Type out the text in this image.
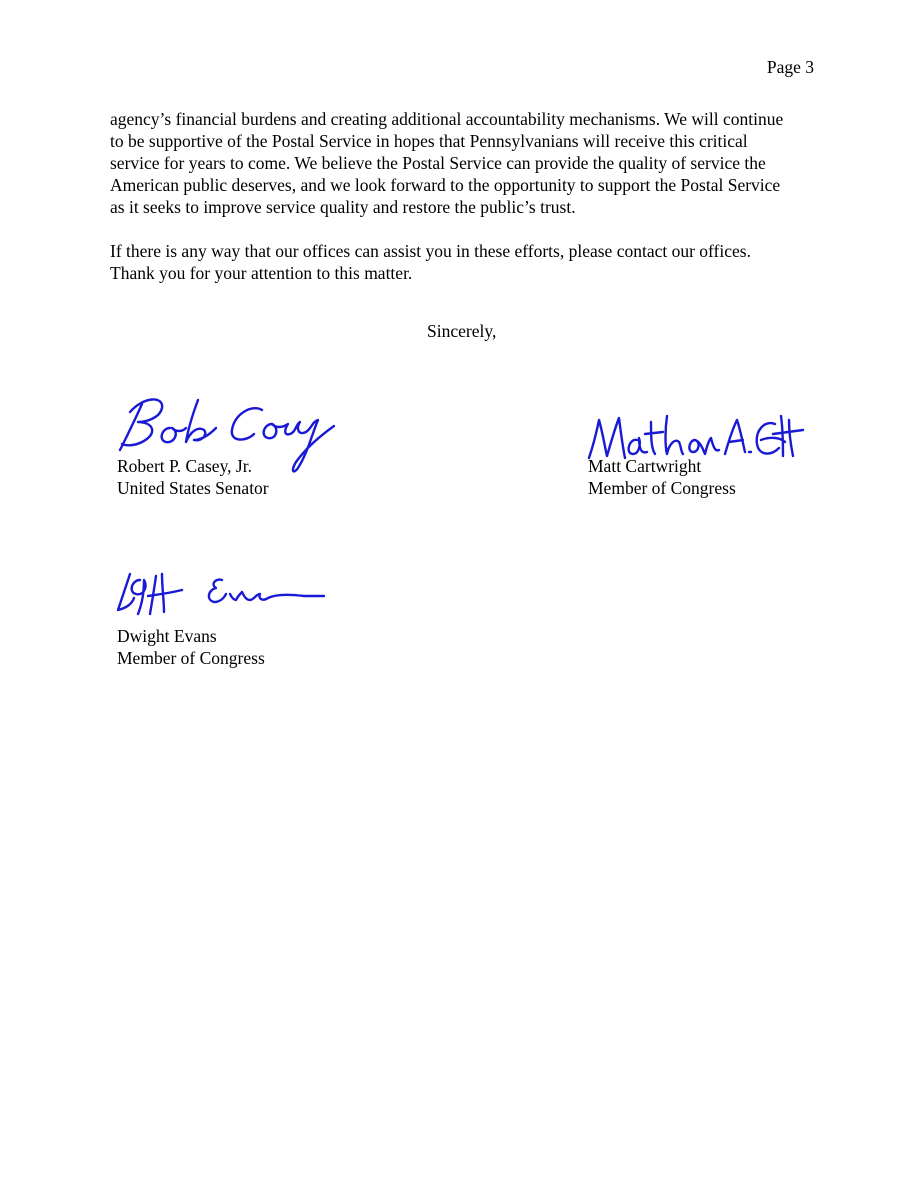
Page 3

agency’s financial burdens and creating additional accountability mechanisms. We will continue
to be supportive of the Postal Service in hopes that Pennsylvanians will receive this critical
service for years to come. We believe the Postal Service can provide the quality of service the
American public deserves, and we look forward to the opportunity to support the Postal Service
as it seeks to improve service quality and restore the public’s trust.

If there is any way that our offices can assist you in these efforts, please contact our offices.
Thank you for your attention to this matter.

Sincerely,
Robert P. Casey, Jr.
United States Senator
Matt Cartwright
Member of Congress
Dwight Evans
Member of Congress
